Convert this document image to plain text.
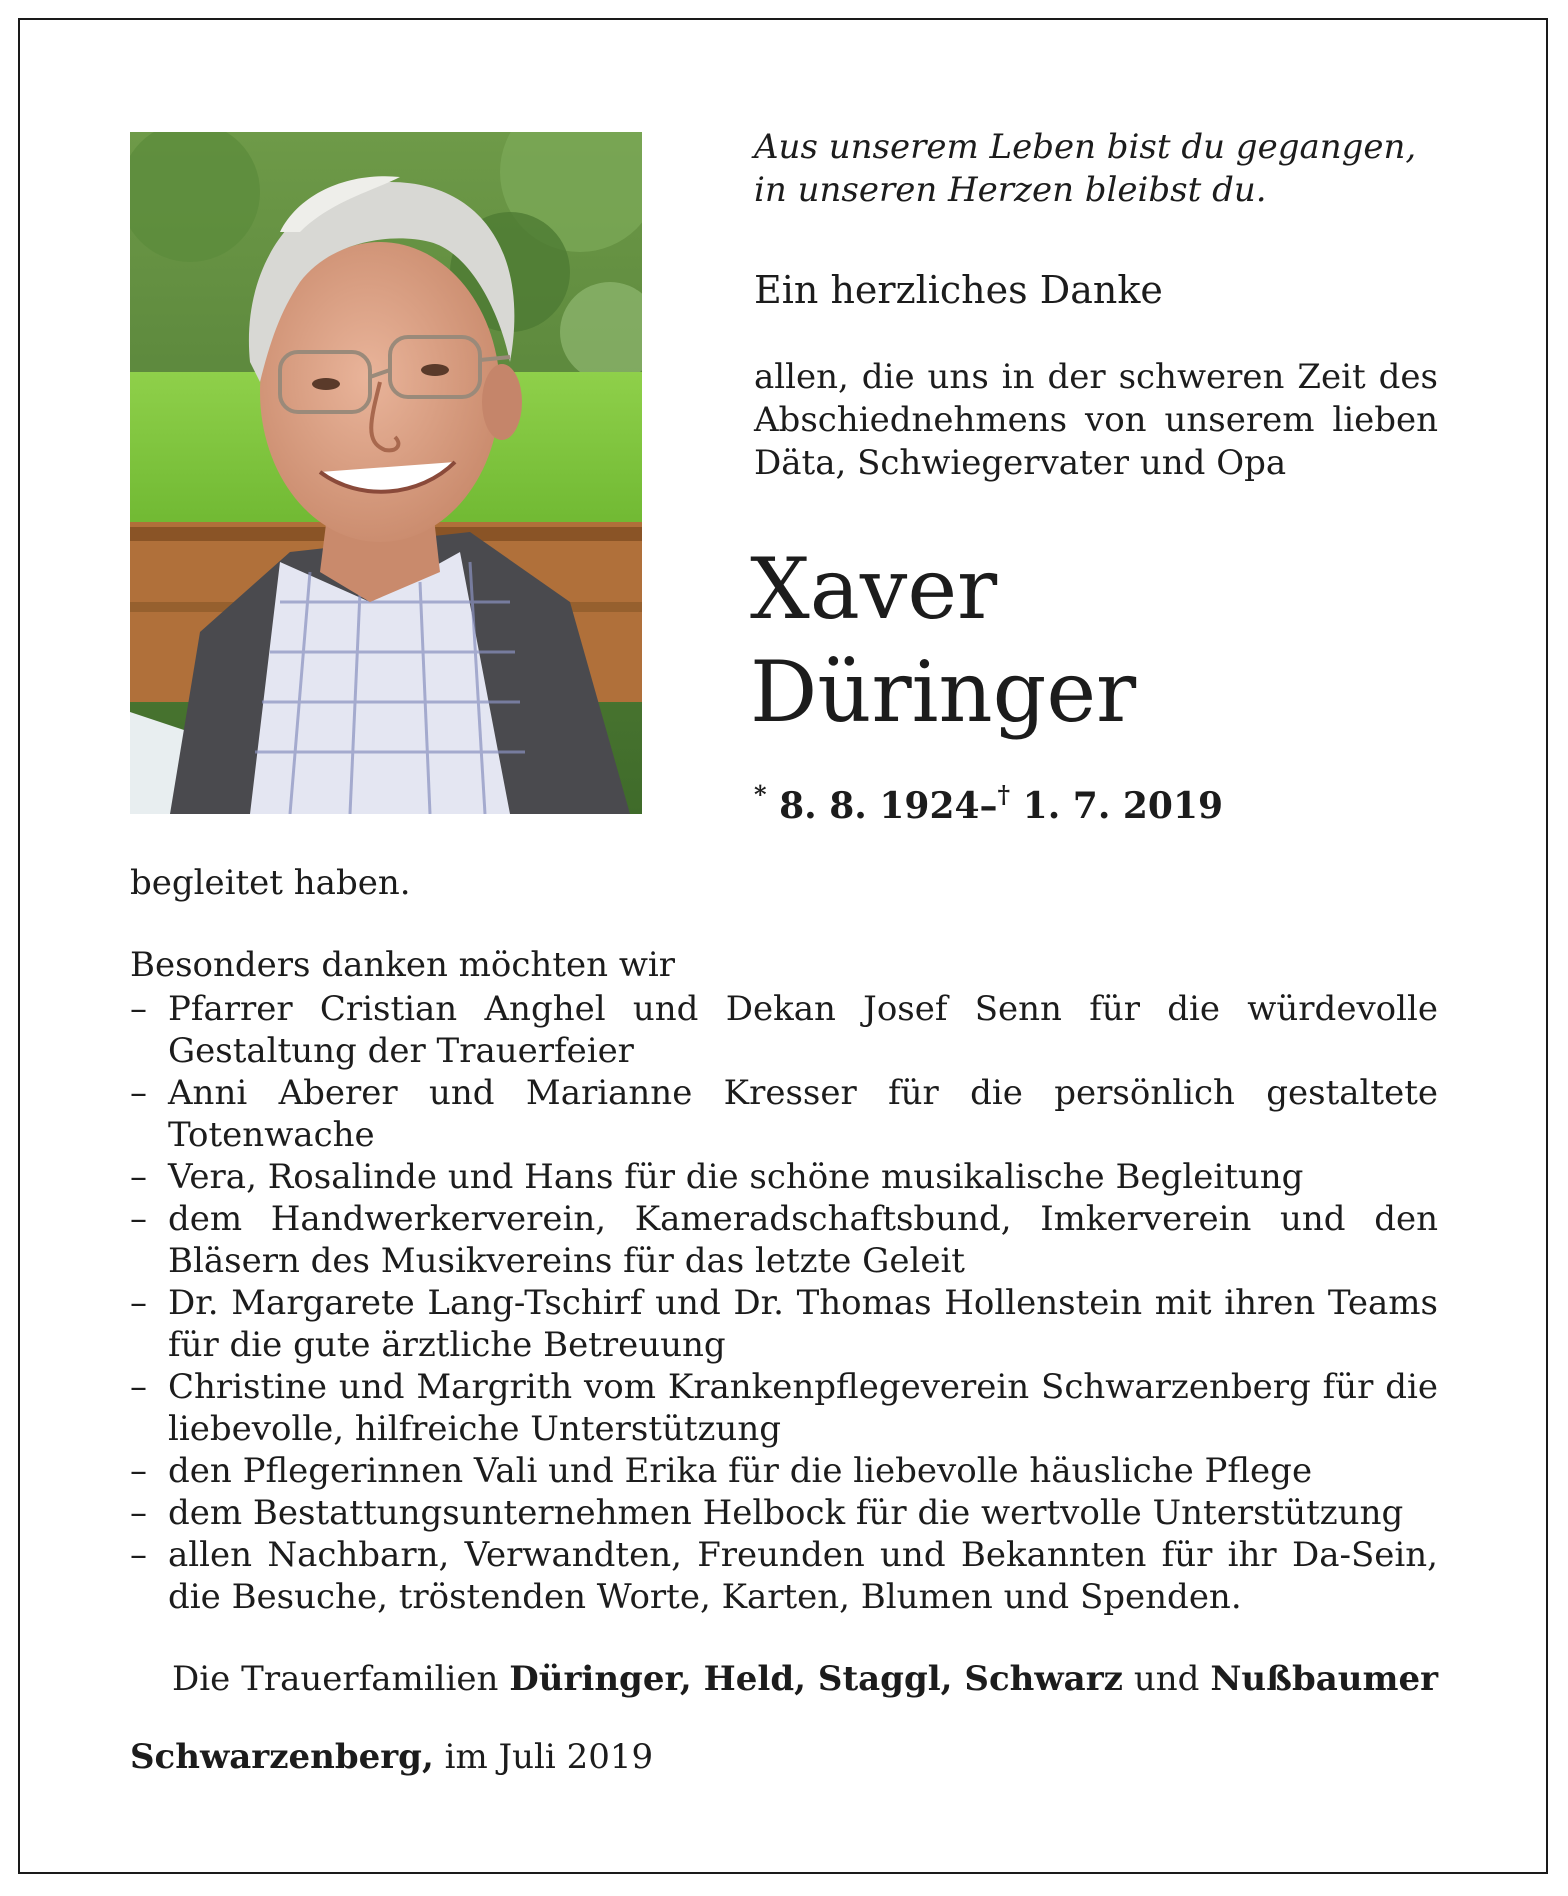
Aus unserem Leben bist du gegangen,
in unseren Herzen bleibst du.

Ein herzliches Danke

allen, die uns in der schweren Zeit des
Abschiednehmens von unserem lieben
Däta, Schwiegervater und Opa

Xaver
Düringer

* 8. 8. 1924–† 1. 7. 2019

begleitet haben.

Besonders danken möchten wir

– Pfarrer Cristian Anghel und Dekan Josef Senn für die würdevolle Gestaltung der Trauerfeier
– Anni Aberer und Marianne Kresser für die persönlich gestaltete Totenwache
– Vera, Rosalinde und Hans für die schöne musikalische Begleitung
– dem Handwerkerverein, Kameradschaftsbund, Imkerverein und den Bläsern des Musikvereins für das letzte Geleit
– Dr. Margarete Lang-Tschirf und Dr. Thomas Hollenstein mit ihren Teams für die gute ärztliche Betreuung
– Christine und Margrith vom Krankenpflegeverein Schwarzenberg für die liebevolle, hilfreiche Unterstützung
– den Pflegerinnen Vali und Erika für die liebevolle häusliche Pflege
– dem Bestattungsunternehmen Helbock für die wertvolle Unterstützung
– allen Nachbarn, Verwandten, Freunden und Bekannten für ihr Da-Sein, die Besuche, tröstenden Worte, Karten, Blumen und Spenden.

Die Trauerfamilien Düringer, Held, Staggl, Schwarz und Nußbaumer

Schwarzenberg, im Juli 2019
